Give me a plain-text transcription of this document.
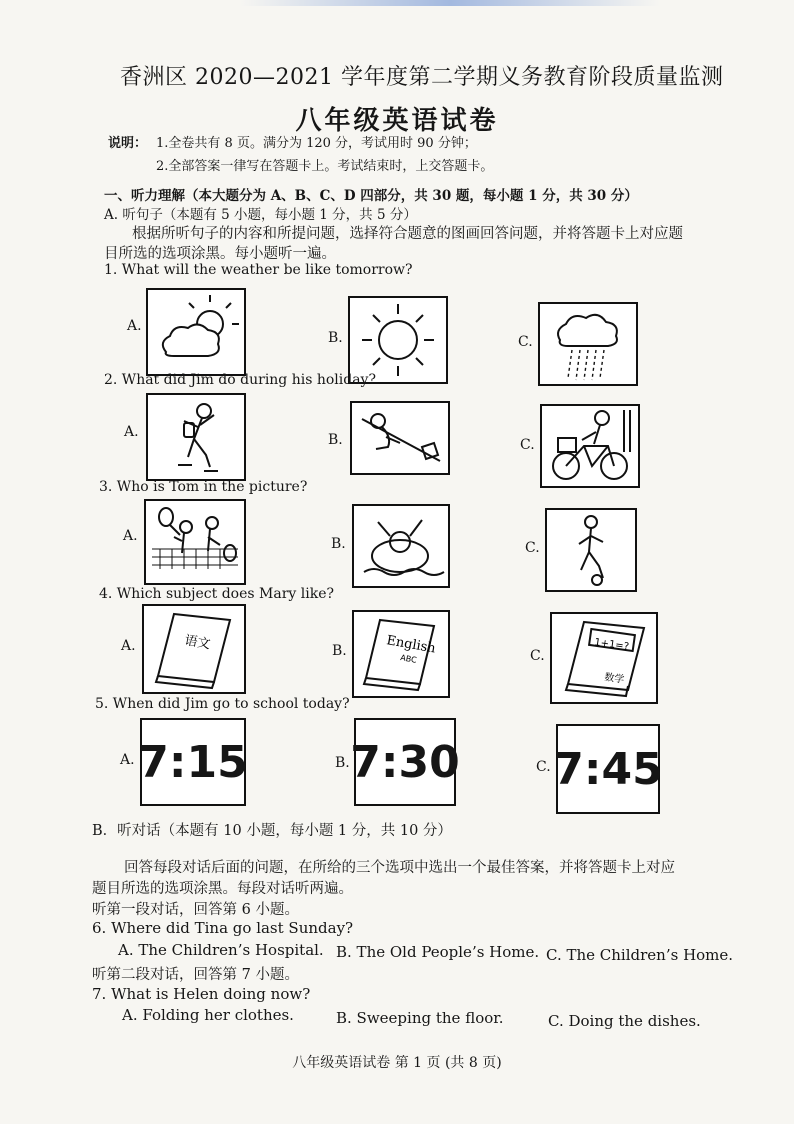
香洲区 2020—2021 学年度第二学期义务教育阶段质量监测
八年级英语试卷
说明： 1.全卷共有 8 页。满分为 120 分，考试用时 90 分钟；
2.全部答案一律写在答题卡上。考试结束时，上交答题卡。
一、听力理解（本大题分为 A、B、C、D 四部分，共 30 题，每小题 1 分，共 30 分）
A. 听句子（本题有 5 小题，每小题 1 分，共 5 分）
根据所听句子的内容和所提问题，选择符合题意的图画回答问题，并将答题卡上对应题
目所选的选项涂黑。每小题听一遍。
1. What will the weather be like tomorrow?
A.
B.	C.
2. What did Jim do during his holiday?
A.	B.	C.
3. Who is Tom in the picture?
A.	B.	C.
4. Which subject does Mary like?
A.	语文	B.	English
ABC	C.
1+1=?
数学
5. When did Jim go to school today?
A. 7:15	B. 7:30	C. 7:45
B．听对话（本题有 10 小题，每小题 1 分，共 10 分）
回答每段对话后面的问题，在所给的三个选项中选出一个最佳答案，并将答题卡上对应
题目所选的选项涂黑。每段对话听两遍。
听第一段对话，回答第 6 小题。
6. Where did Tina go last Sunday?
A. The Children’s Hospital. B. The Old People’s Home. C. The Children’s Home.
听第二段对话，回答第 7 小题。
7. What is Helen doing now?
A. Folding her clothes.	B. Sweeping the floor.	C. Doing the dishes.
八年级英语试卷 第 1 页 (共 8 页)
